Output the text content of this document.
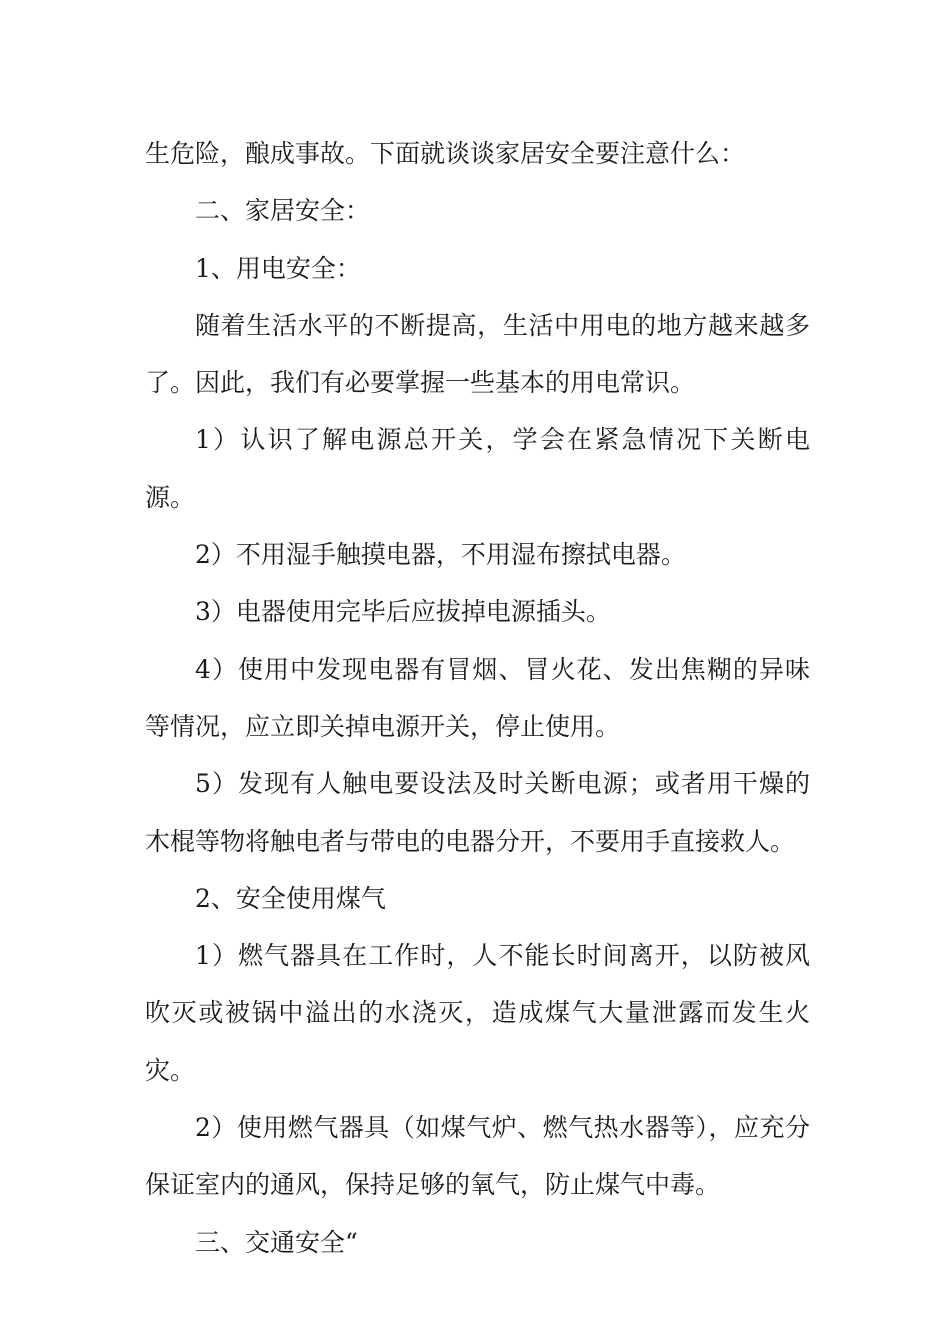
生危险，酿成事故。下面就谈谈家居安全要注意什么：

二、家居安全：

1、用电安全：

随着生活水平的不断提高，生活中用电的地方越来越多了。因此，我们有必要掌握一些基本的用电常识。

1）认识了解电源总开关，学会在紧急情况下关断电源。

2）不用湿手触摸电器，不用湿布擦拭电器。

3）电器使用完毕后应拔掉电源插头。

4）使用中发现电器有冒烟、冒火花、发出焦糊的异味等情况，应立即关掉电源开关，停止使用。

5）发现有人触电要设法及时关断电源；或者用干燥的木棍等物将触电者与带电的电器分开，不要用手直接救人。

2、安全使用煤气

1）燃气器具在工作时，人不能长时间离开，以防被风吹灭或被锅中溢出的水浇灭，造成煤气大量泄露而发生火灾。

2）使用燃气器具（如煤气炉、燃气热水器等），应充分保证室内的通风，保持足够的氧气，防止煤气中毒。

三、交通安全“
